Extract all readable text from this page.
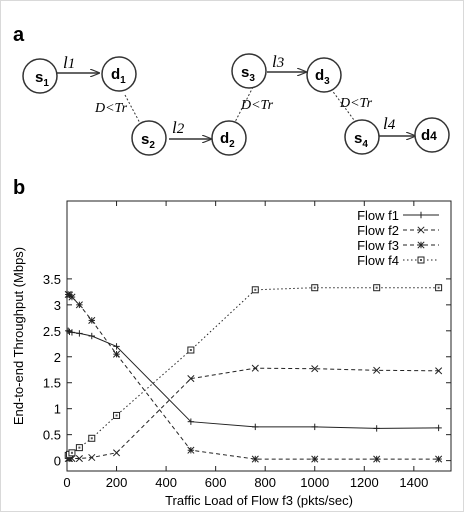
a
$s_1$
$d_1$
$s_2$	$d_2$
$s_3$	$d_3$
$s_4$
d4
l1
l2
l3
l4
D<Tr	D<Tr	D<Tr
b
0	200 400 600 800 1000 1200 1400
0
0.5
1
1.5
2
2.5
3
3.5
Flow f1
Flow f2
Flow f3
Flow f4
Traffic Load of Flow f3 (pkts/sec)
End-to-end Throughput (Mbps)
